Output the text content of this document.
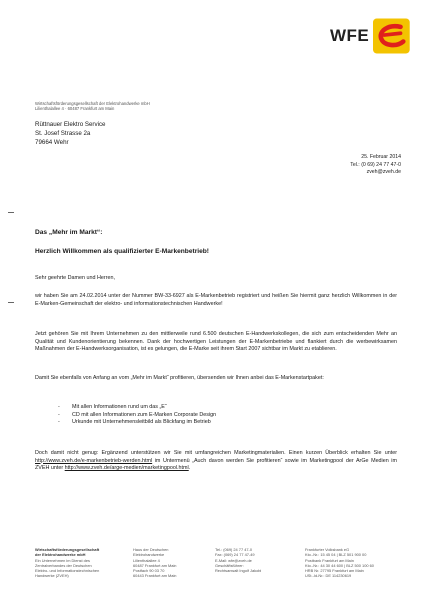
WFE
Wirtschaftsförderungsgesellschaft der Elektrohandwerke mbH
Lilienthalallee 4 · 60487 Frankfurt am Main
Rüttnauer Elektro Service
St. Josef Strasse 2a
79664 Wehr
25. Februar 2014
Tel.: (0 69) 24 77 47-0
zveh@zveh.de
Das „Mehr im Markt“:
Herzlich Willkommen als qualifizierter E-Markenbetrieb!
Sehr geehrte Damen und Herren,
wir haben Sie am 24.02.2014 unter der Nummer BW-33-6927 als E-Markenbetrieb registriert und heißen Sie hiermit ganz herzlich Willkommen in der E-Marken-Gemeinschaft der elektro- und informationstechnischen Handwerke!
Jetzt gehören Sie mit Ihrem Unternehmen zu den mittlerweile rund 6.500 deutschen E-Handwerkskollegen, die sich zum entscheidenden Mehr an Qualität und Kundenorientierung bekennen. Dank der hochwertigen Leistungen der E-Markenbetriebe und flankiert durch die werbewirksamen Maßnahmen der E-Handwerksorganisation, ist es gelungen, die E-Marke seit ihrem Start 2007 sichtbar im Markt zu etablieren.
Damit Sie ebenfalls von Anfang an vom „Mehr im Markt“ profitieren, übersenden wir Ihnen anbei das E-Markenstartpaket:
-	Mit allen Informationen rund um das „E“
-	CD mit allen Informationen zum E-Marken Corporate Design
-	Urkunde mit Unternehmensleitbild als Blickfang im Betrieb
Doch damit nicht genug: Ergänzend unterstützen wir Sie mit umfangreichen Marketingmaterialien. Einen kurzen Überblick erhalten Sie unter http://www.zveh.de/e-markenbetrieb-werden.html im Untermenü „Auch davon werden Sie profitieren“ sowie im Marketingpool der ArGe Medien im ZVEH unter http://www.zveh.de/arge-medien/marketingpool.html.
Wirtschaftsförderungsgesellschaft
der Elektrohandwerke mbH
Ein Unternehmen im Dienst des
Zentralverbandes der Deutschen
Elektro- und Informationstechnischen
Handwerke (ZVEH)
Haus der Deutschen
Elektrohandwerke
Lilienthalallee 4
60487 Frankfurt am Main
Postfach 90 03 70
60443 Frankfurt am Main
Tel.: (069) 24 77 47-0
Fax: (069) 24 77 47-49
E-Mail: wfe@zveh.de
Geschäftsführer:
Rechtsanwalt Ingolf Jakobi
Frankfurter Volksbank eG
Kto.-Nr.: 15 45 04 | BLZ 501 900 00
Postbank Frankfurt am Main
Kto.-Nr.: 44 30 44 600 | BLZ 500 100 60
HRB Nr. 27795 Frankfurt am Main
USt.-Id-Nr.: DE 114230619
